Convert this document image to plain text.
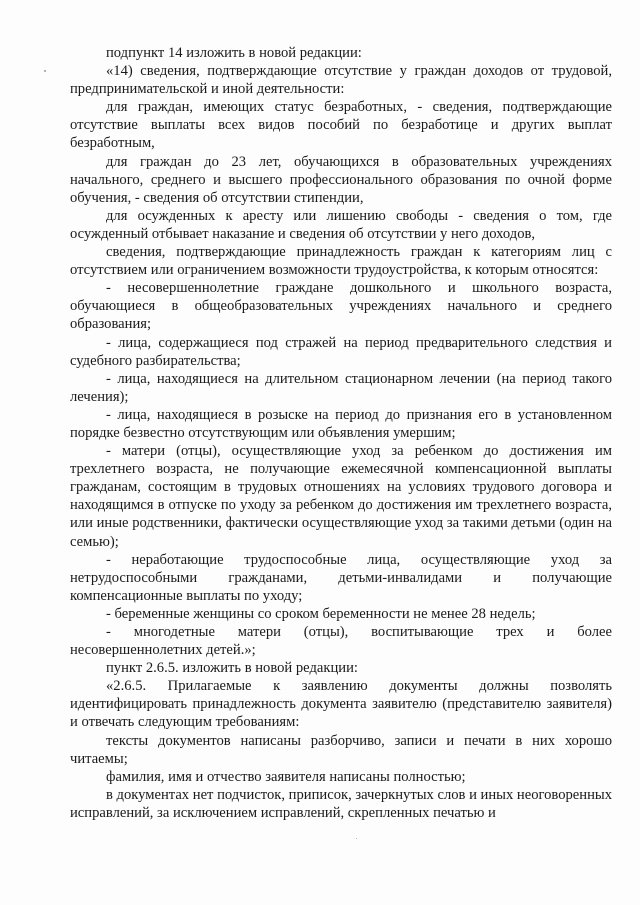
подпункт 14 изложить в новой редакции:

«14) сведения, подтверждающие отсутствие у граждан доходов от трудовой, предпринимательской и иной деятельности:

для граждан, имеющих статус безработных, - сведения, подтверждающие отсутствие выплаты всех видов пособий по безработице и других выплат безработным,

для граждан до 23 лет, обучающихся в образовательных учреждениях начального, среднего и высшего профессионального образования по очной форме обучения, - сведения об отсутствии стипендии,

для осужденных к аресту или лишению свободы - сведения о том, где осужденный отбывает наказание и сведения об отсутствии у него доходов,

сведения, подтверждающие принадлежность граждан к категориям лиц с отсутствием или ограничением возможности трудоустройства, к которым относятся:

- несовершеннолетние граждане дошкольного и школьного возраста, обучающиеся в общеобразовательных учреждениях начального и среднего образования;

- лица, содержащиеся под стражей на период предварительного следствия и судебного разбирательства;

- лица, находящиеся на длительном стационарном лечении (на период такого лечения);

- лица, находящиеся в розыске на период до признания его в установленном порядке безвестно отсутствующим или объявления умершим;

- матери (отцы), осуществляющие уход за ребенком до достижения им трехлетнего возраста, не получающие ежемесячной компенсационной выплаты гражданам, состоящим в трудовых отношениях на условиях трудового договора и находящимся в отпуске по уходу за ребенком до достижения им трехлетнего возраста, или иные родственники, фактически осуществляющие уход за такими детьми (один на семью);

- неработающие трудоспособные лица, осуществляющие уход за нетрудоспособными гражданами, детьми-инвалидами и получающие компенсационные выплаты по уходу;

- беременные женщины со сроком беременности не менее 28 недель;

- многодетные матери (отцы), воспитывающие трех и более несовершеннолетних детей.»;

пункт 2.6.5. изложить в новой редакции:

«2.6.5. Прилагаемые к заявлению документы должны позволять идентифицировать принадлежность документа заявителю (представителю заявителя) и отвечать следующим требованиям:

тексты документов написаны разборчиво, записи и печати в них хорошо читаемы;

фамилия, имя и отчество заявителя написаны полностью;

в документах нет подчисток, приписок, зачеркнутых слов и иных неоговоренных исправлений, за исключением исправлений, скрепленных печатью и
